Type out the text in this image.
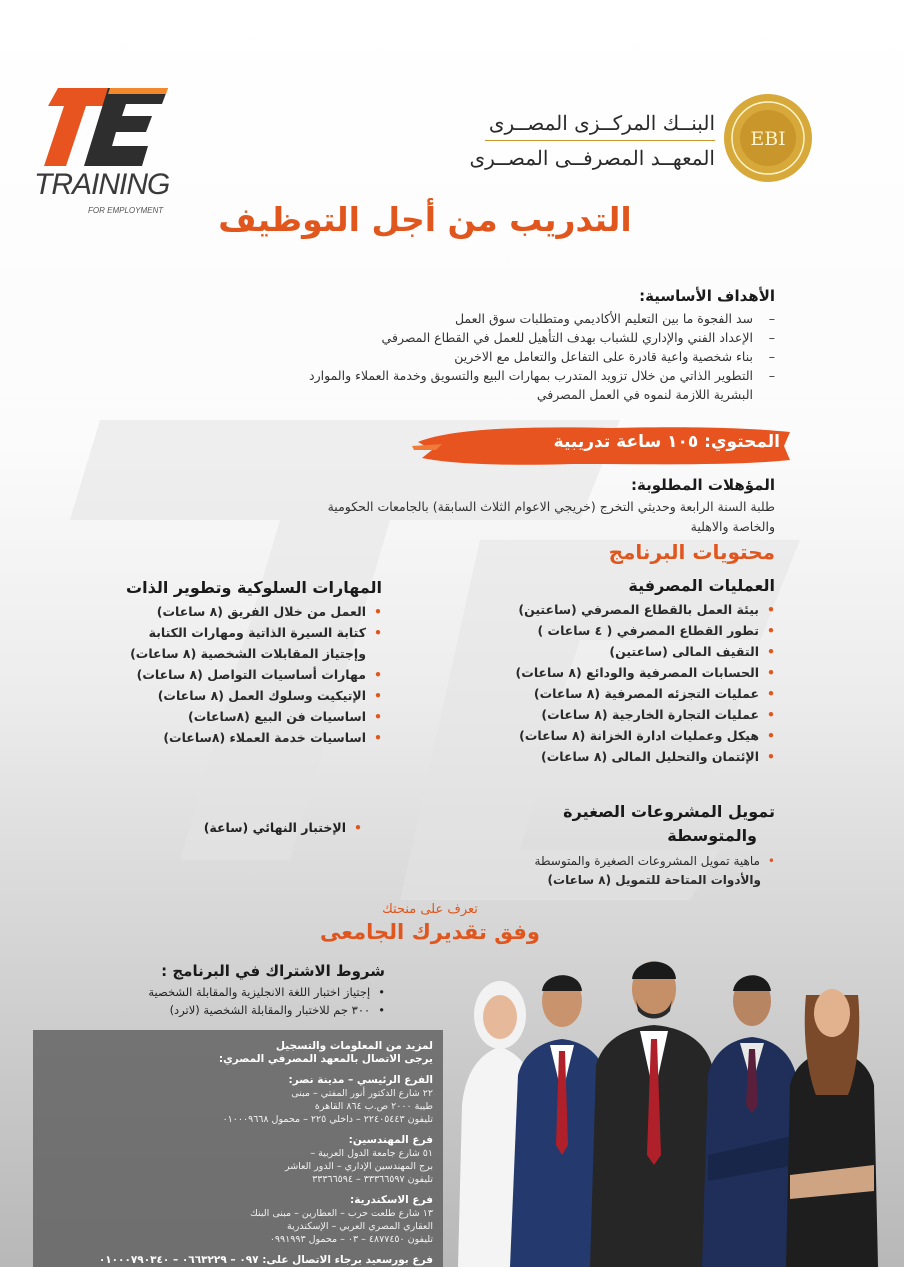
EBI
البنــك المركــزى المصــرى
المعهــد المصرفــى المصــرى
TRAINING
FOR EMPLOYMENT	التدريب من أجل التوظيف
الأهداف الأساسية:
–سد الفجوة ما بين التعليم الأكاديمي ومتطلبات سوق العمل
–الإعداد الفني والإداري للشباب بهدف التأهيل للعمل في القطاع المصرفي
–بناء شخصية واعية قادرة على التفاعل والتعامل مع الاخرين
–التطوير الذاتي من خلال تزويد المتدرب بمهارات البيع والتسويق وخدمة العملاء والموارد
البشرية اللازمة لنموه في العمل المصرفي
المحتوي: ١٠٥ ساعة تدريبية
المؤهلات المطلوبة:
طلبة السنة الرابعة وحديثي التخرج (خريجي الاعوام الثلاث السابقة) بالجامعات الحكومية
والخاصة والاهلية
محتويات البرنامج
العمليات المصرفية
•بيئة العمل بالقطاع المصرفي (ساعتين)
•تطور القطاع المصرفي ( ٤ ساعات )
•التقيف المالى (ساعتين)
•الحسابات المصرفية والودائع (٨ ساعات)
•عمليات التجزئه المصرفية (٨ ساعات)
•عمليات التجارة الخارجية (٨ ساعات)
•هيكل وعمليات ادارة الخزانة (٨ ساعات)
•الإئتمان والتحليل المالى (٨ ساعات)
المهارات السلوكية وتطوير الذات
•العمل من خلال الفريق (٨ ساعات)
•كتابة السيرة الذاتية ومهارات الكتابة
وإجتياز المقابلات الشخصية (٨ ساعات)
•مهارات أساسيات التواصل (٨ ساعات)
•الإتيكيت وسلوك العمل (٨ ساعات)
•اساسيات فن البيع (٨ساعات)
•اساسيات خدمة العملاء (٨ساعات)
تمويل المشروعات الصغيرة
والمتوسطة
•ماهية تمويل المشروعات الصغيرة والمتوسطة
والأدوات المتاحة للتمويل (٨ ساعات)
•الإختبار النهائي (ساعة)
تعرف على منحتك
وفق تقديرك الجامعى
شروط الاشتراك في البرنامج :
•إجتياز اختبار اللغة الانجليزية والمقابلة الشخصية
•٣٠٠ جم للاختبار والمقابلة الشخصية (لاترد)
لمزيد من المعلومات والتسجيل
يرجى الاتصال بالمعهد المصرفي المصري:
الفرع الرئيسي – مدينة نصر:
٢٢ شارع الدكتور أنور المفتي – مبنى
طيبة ٢٠٠٠ ص.ب ٨٦٤ القاهرة
تليفون ٢٢٤٠٥٤٤٣ – داخلي ٢٢٥ – محمول ٠١٠٠٠٩٦٦٨
فرع المهندسين:
٥١ شارع جامعة الدول العربية –
برج المهندسين الإداري – الدور العاشر
تليفون ٣٣٣٦٦٥٩٧ – ٣٣٣٦٦٥٩٤
فرع الاسكندرية:
١٣ شارع طلعت حرب – العطارين – مبنى البنك
العقاري المصري العربي – الإسكندرية
تليفون ٤٨٧٧٤٥٠ – ٠٣ – محمول ٠٩٩١٩٩٣
فرع بورسعيد برجاء الاتصال على: ٠٩٧ – ٠٦٦٣٢٢٩ – ٠١٠٠٠٧٩٠٣٤٠
